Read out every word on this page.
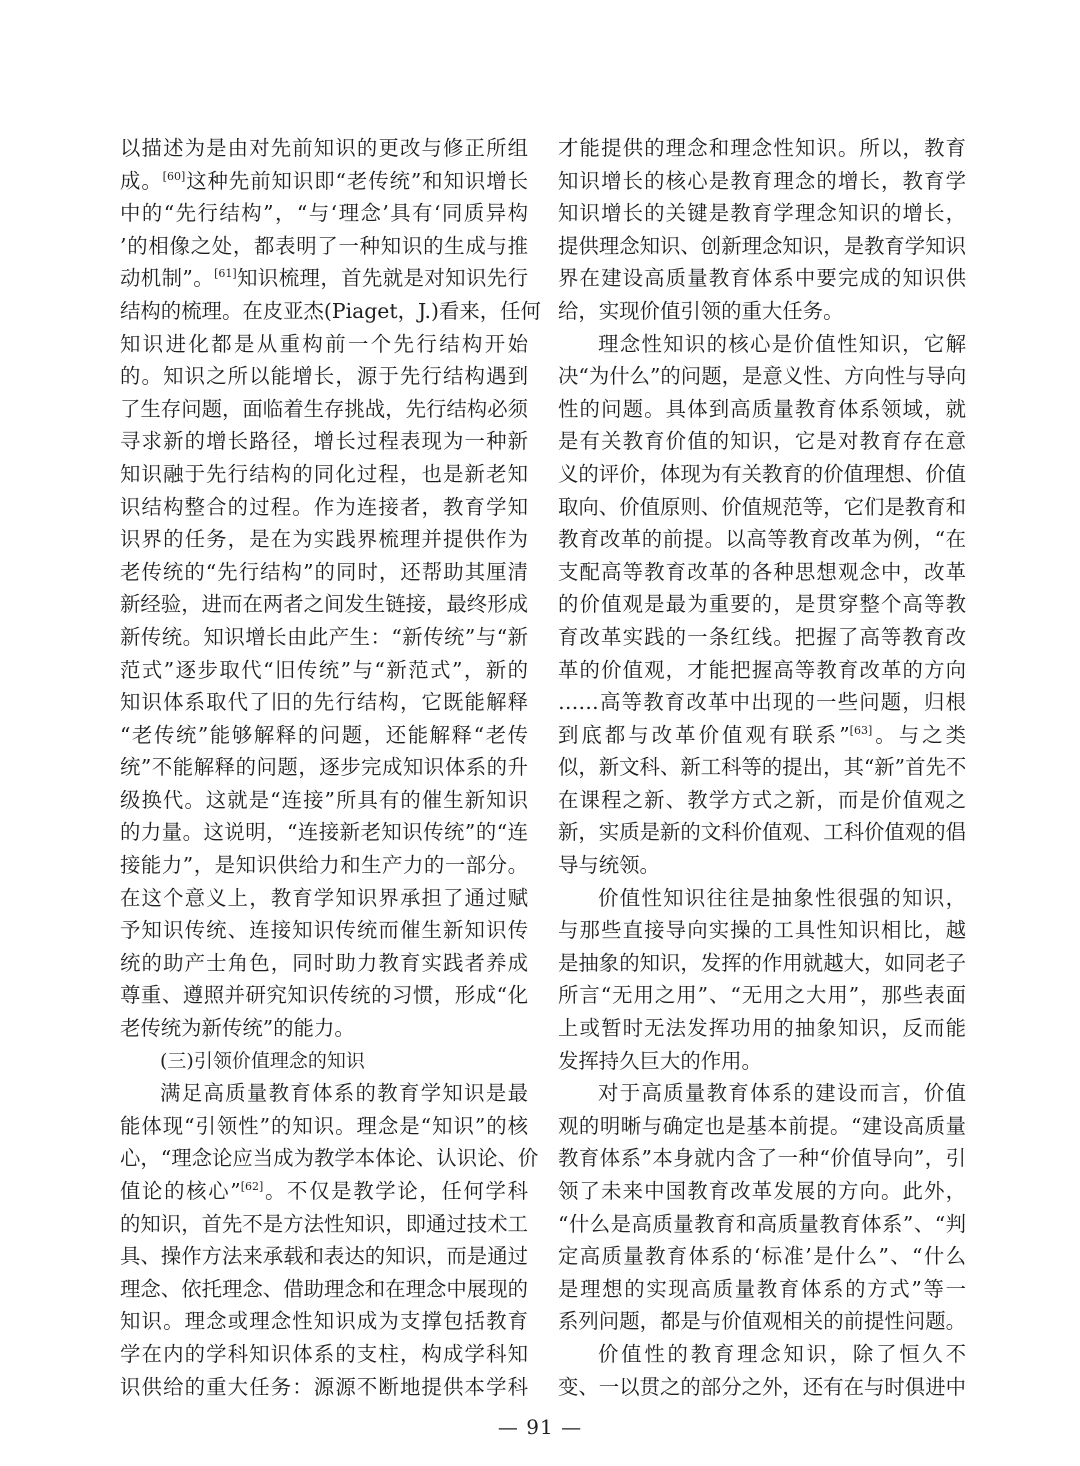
以描述为是由对先前知识的更改与修正所组
成。[60]这种先前知识即“老传统”和知识增长
中的“先行结构”，“与‘理念’具有‘同质异构
’的相像之处，都表明了一种知识的生成与推
动机制”。[61]知识梳理，首先就是对知识先行
结构的梳理。在皮亚杰(Piaget，J.)看来，任何
知识进化都是从重构前一个先行结构开始
的。知识之所以能增长，源于先行结构遇到
了生存问题，面临着生存挑战，先行结构必须
寻求新的增长路径，增长过程表现为一种新
知识融于先行结构的同化过程，也是新老知
识结构整合的过程。作为连接者，教育学知
识界的任务，是在为实践界梳理并提供作为
老传统的“先行结构”的同时，还帮助其厘清
新经验，进而在两者之间发生链接，最终形成
新传统。知识增长由此产生：“新传统”与“新
范式”逐步取代“旧传统”与“新范式”，新的
知识体系取代了旧的先行结构，它既能解释
“老传统”能够解释的问题，还能解释“老传
统”不能解释的问题，逐步完成知识体系的升
级换代。这就是“连接”所具有的催生新知识
的力量。这说明，“连接新老知识传统”的“连
接能力”，是知识供给力和生产力的一部分。
在这个意义上，教育学知识界承担了通过赋
予知识传统、连接知识传统而催生新知识传
统的助产士角色，同时助力教育实践者养成
尊重、遵照并研究知识传统的习惯，形成“化
老传统为新传统”的能力。
(三)引领价值理念的知识
满足高质量教育体系的教育学知识是最
能体现“引领性”的知识。理念是“知识”的核
心，“理念论应当成为教学本体论、认识论、价
值论的核心”[62]。不仅是教学论，任何学科
的知识，首先不是方法性知识，即通过技术工
具、操作方法来承载和表达的知识，而是通过
理念、依托理念、借助理念和在理念中展现的
知识。理念或理念性知识成为支撑包括教育
学在内的学科知识体系的支柱，构成学科知
识供给的重大任务：源源不断地提供本学科
才能提供的理念和理念性知识。所以，教育
知识增长的核心是教育理念的增长，教育学
知识增长的关键是教育学理念知识的增长，
提供理念知识、创新理念知识，是教育学知识
界在建设高质量教育体系中要完成的知识供
给，实现价值引领的重大任务。
理念性知识的核心是价值性知识，它解
决“为什么”的问题，是意义性、方向性与导向
性的问题。具体到高质量教育体系领域，就
是有关教育价值的知识，它是对教育存在意
义的评价，体现为有关教育的价值理想、价值
取向、价值原则、价值规范等，它们是教育和
教育改革的前提。以高等教育改革为例，“在
支配高等教育改革的各种思想观念中，改革
的价值观是最为重要的，是贯穿整个高等教
育改革实践的一条红线。把握了高等教育改
革的价值观，才能把握高等教育改革的方向
……高等教育改革中出现的一些问题，归根
到底都与改革价值观有联系”[63]。与之类
似，新文科、新工科等的提出，其“新”首先不
在课程之新、教学方式之新，而是价值观之
新，实质是新的文科价值观、工科价值观的倡
导与统领。
价值性知识往往是抽象性很强的知识，
与那些直接导向实操的工具性知识相比，越
是抽象的知识，发挥的作用就越大，如同老子
所言“无用之用”、“无用之大用”，那些表面
上或暂时无法发挥功用的抽象知识，反而能
发挥持久巨大的作用。
对于高质量教育体系的建设而言，价值
观的明晰与确定也是基本前提。“建设高质量
教育体系”本身就内含了一种“价值导向”，引
领了未来中国教育改革发展的方向。此外，
“什么是高质量教育和高质量教育体系”、“判
定高质量教育体系的‘标准’是什么”、“什么
是理想的实现高质量教育体系的方式”等一
系列问题，都是与价值观相关的前提性问题。
价值性的教育理念知识，除了恒久不
变、一以贯之的部分之外，还有在与时俱进中
— 91 —
